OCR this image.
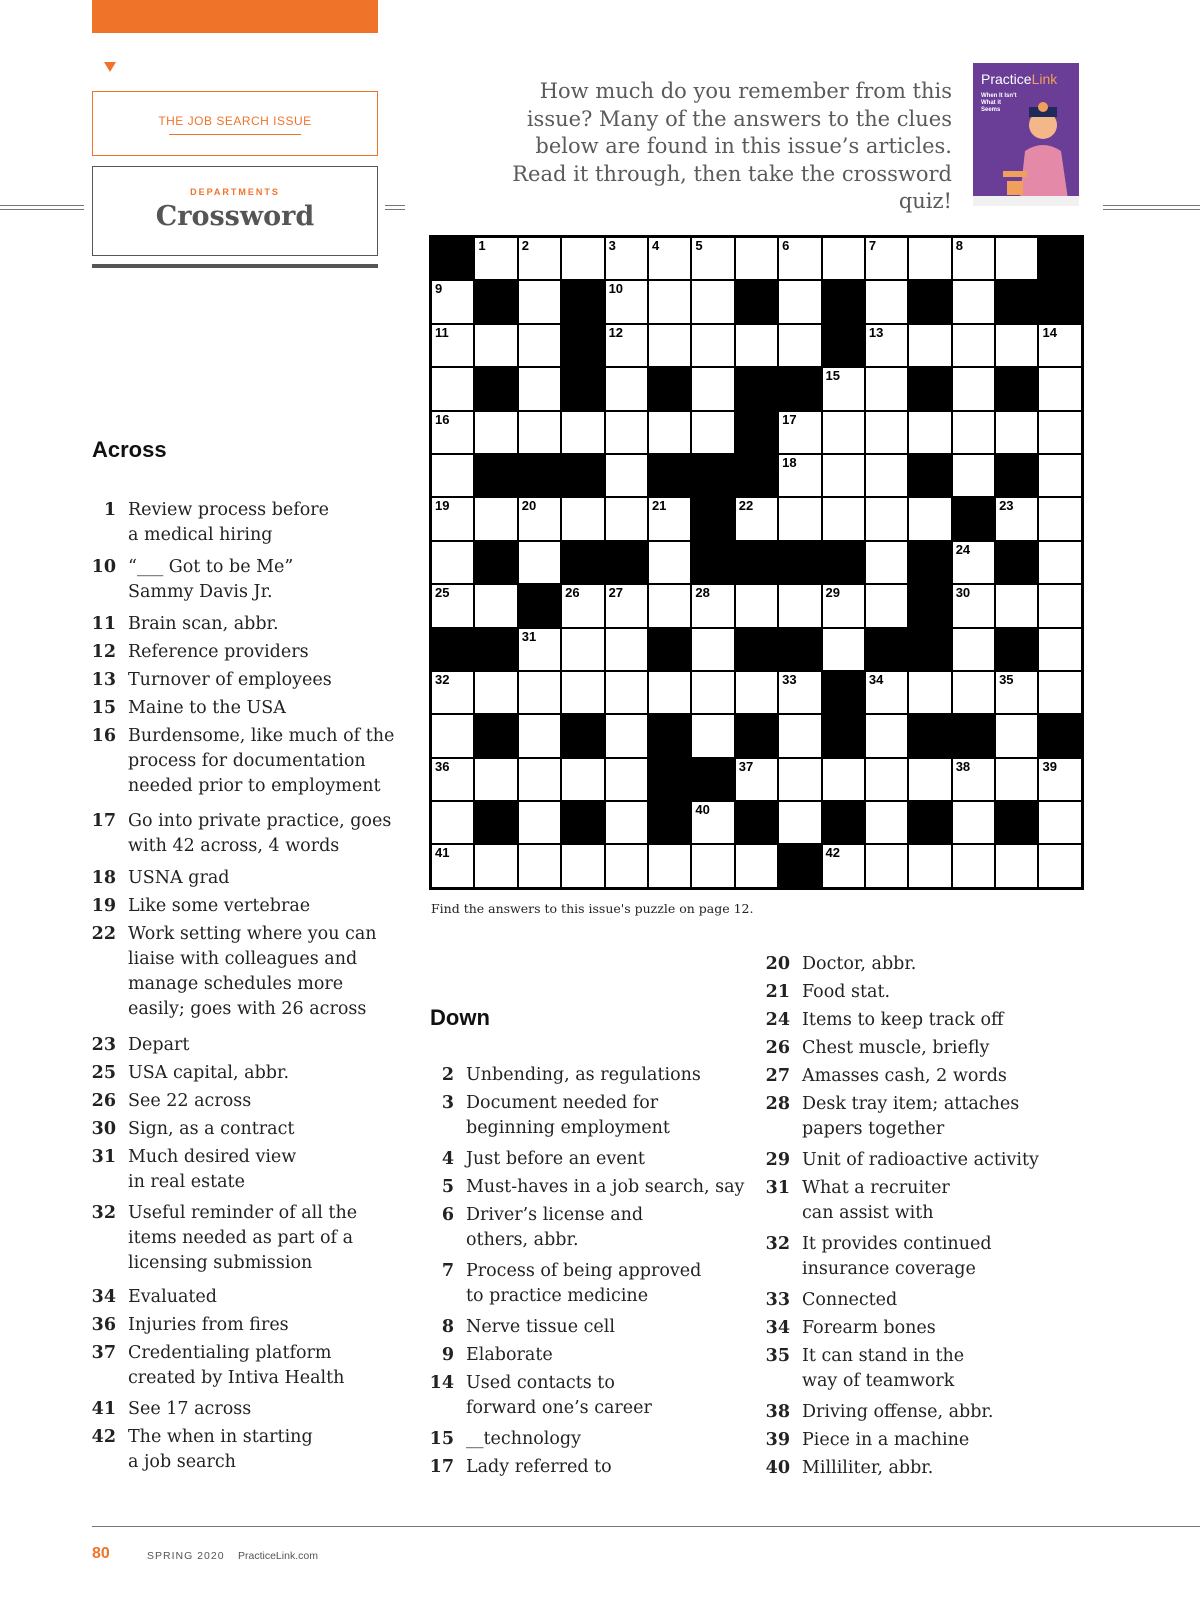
THE JOB SEARCH ISSUE
DEPARTMENTS
Crossword
How much do you remember from this issue? Many of the answers to the clues below are found in this issue’s articles. Read it through, then take the crossword quiz!
PracticeLink
When It Isn’t What it Seems
1	2	3	4	5	6	7	8
9	10
11	12	13	14
15
16	17
18
19	20	21	22	23
24
25	26 27	28	29	30
31
32	33	34	35
36	37	38	39
40
41	42
Find the answers to this issue's puzzle on page 12.
Across
1 Review process before
a medical hiring
10 “___ Got to be Me”
Sammy Davis Jr.
11 Brain scan, abbr.
12 Reference providers
13 Turnover of employees
15 Maine to the USA
16 Burdensome, like much of the
process for documentation
needed prior to employment
17 Go into private practice, goes
with 42 across, 4 words
18 USNA grad
19 Like some vertebrae
22 Work setting where you can
liaise with colleagues and
manage schedules more
easily; goes with 26 across
23 Depart
25 USA capital, abbr.
26 See 22 across
30 Sign, as a contract
31 Much desired view
in real estate
32 Useful reminder of all the
items needed as part of a
licensing submission
34 Evaluated
36 Injuries from fires
37 Credentialing platform
created by Intiva Health
41 See 17 across
42 The when in starting
a job search
Down
2 Unbending, as regulations
3 Document needed for
beginning employment
4 Just before an event
5 Must-haves in a job search, say
6 Driver’s license and
others, abbr.
7 Process of being approved
to practice medicine
8 Nerve tissue cell
9 Elaborate
14 Used contacts to
forward one’s career
15 __technology
17 Lady referred to
20 Doctor, abbr.
21 Food stat.
24 Items to keep track off
26 Chest muscle, briefly
27 Amasses cash, 2 words
28 Desk tray item; attaches
papers together
29 Unit of radioactive activity
31 What a recruiter
can assist with
32 It provides continued
insurance coverage
33 Connected
34 Forearm bones
35 It can stand in the
way of teamwork
38 Driving offense, abbr.
39 Piece in a machine
40 Milliliter, abbr.
80	SPRING 2020 PracticeLink.com
